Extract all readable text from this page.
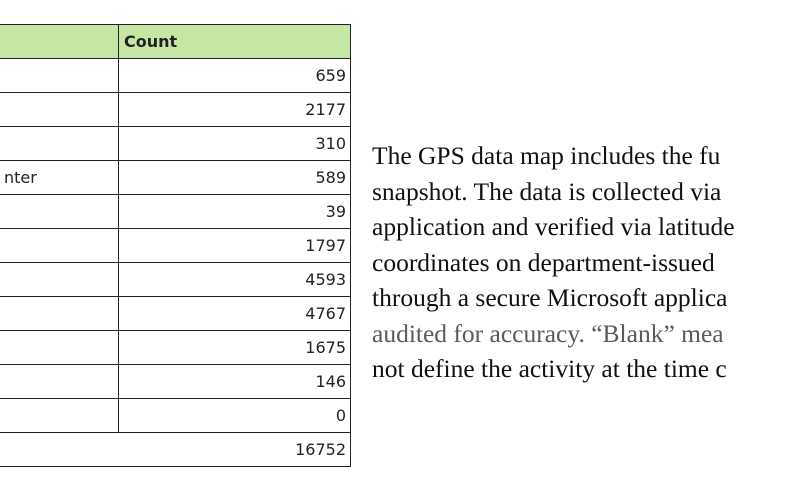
	Count
	659
	2177
	310
nter	589
	39
	1797
	4593
	4767
	1675
	146
	0
16752	
The GPS data map includes the fu
snapshot. The data is collected via
application and verified via latitude
coordinates on department-issued
through a secure Microsoft applica
audited for accuracy. “Blank” mea
not define the activity at the time c
